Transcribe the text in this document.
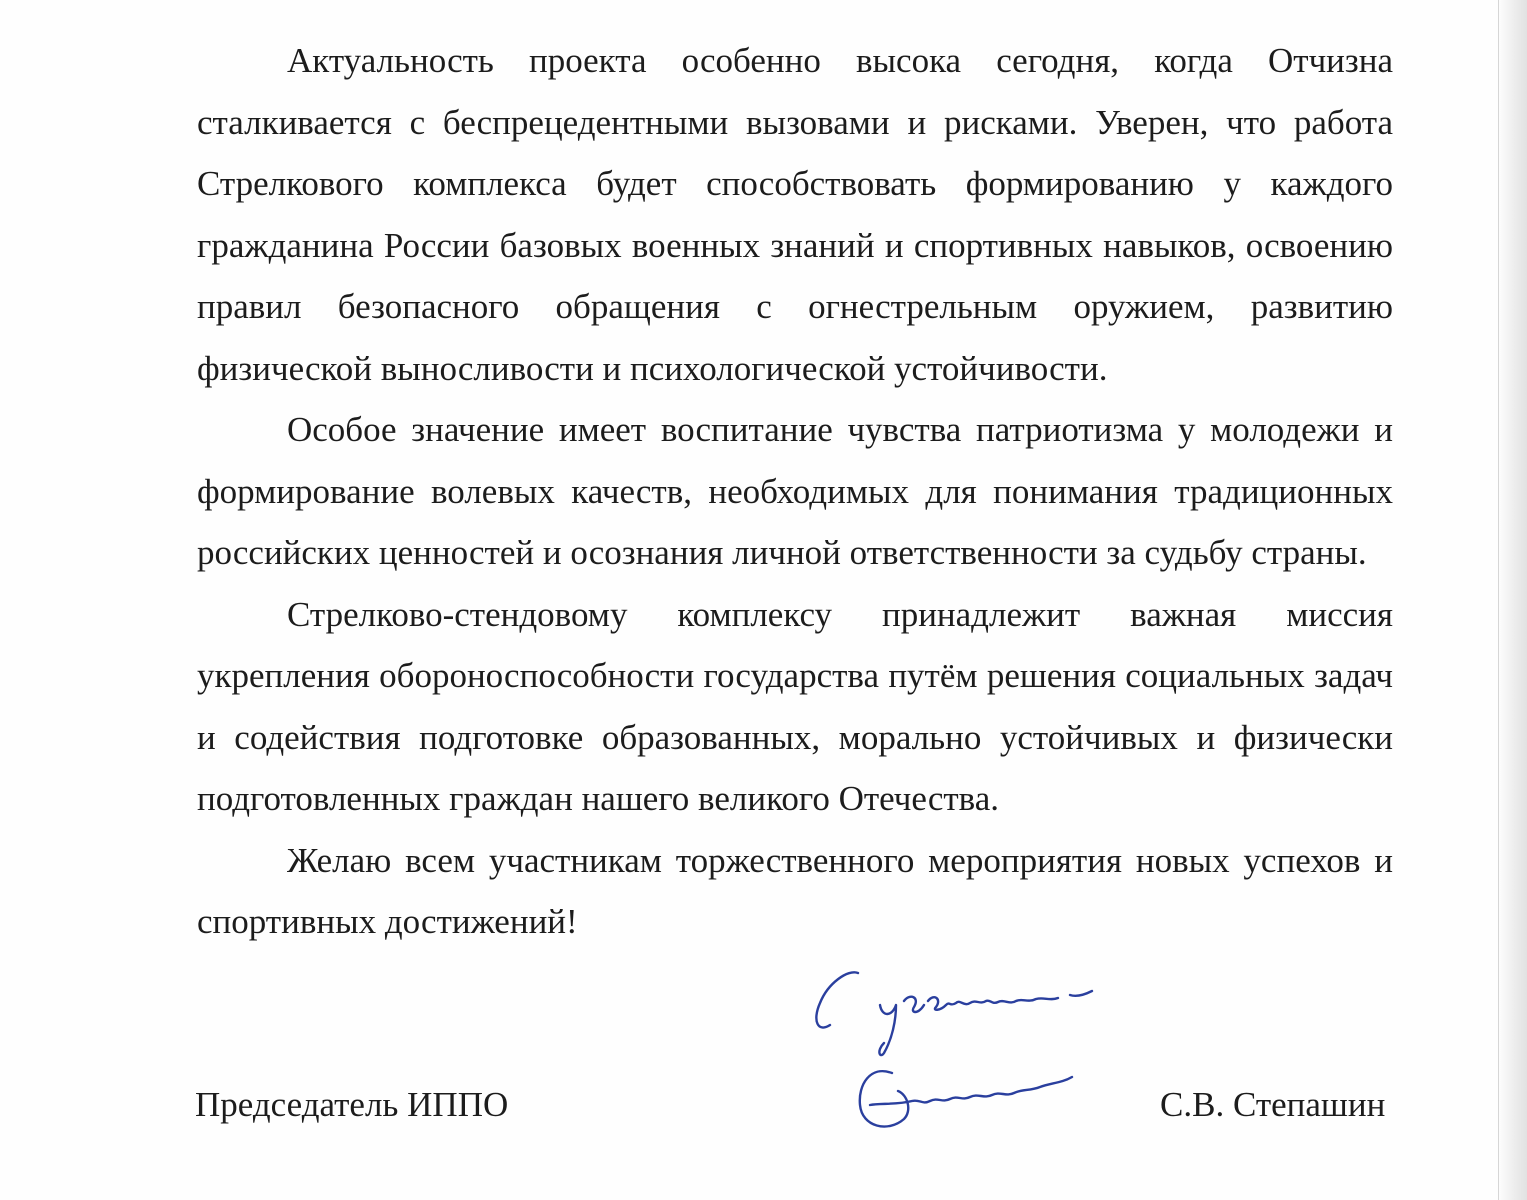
Актуальность проекта особенно высока сегодня, когда Отчизна сталкивается с беспрецедентными вызовами и рисками. Уверен, что работа Стрелкового комплекса будет способствовать формированию у каждого гражданина России базовых военных знаний и спортивных навыков, освоению правил безопасного обращения с огнестрельным оружием, развитию физической выносливости и психологической устойчивости.

Особое значение имеет воспитание чувства патриотизма у молодежи и формирование волевых качеств, необходимых для понимания традиционных российских ценностей и осознания личной ответственности за судьбу страны.

Стрелково-стендовому комплексу принадлежит важная миссия укрепления обороноспособности государства путём решения социальных задач и содействия подготовке образованных, морально устойчивых и физически подготовленных граждан нашего великого Отечества.

Желаю всем участникам торжественного мероприятия новых успехов и спортивных достижений!

Председатель ИППО	С.В. Степашин
